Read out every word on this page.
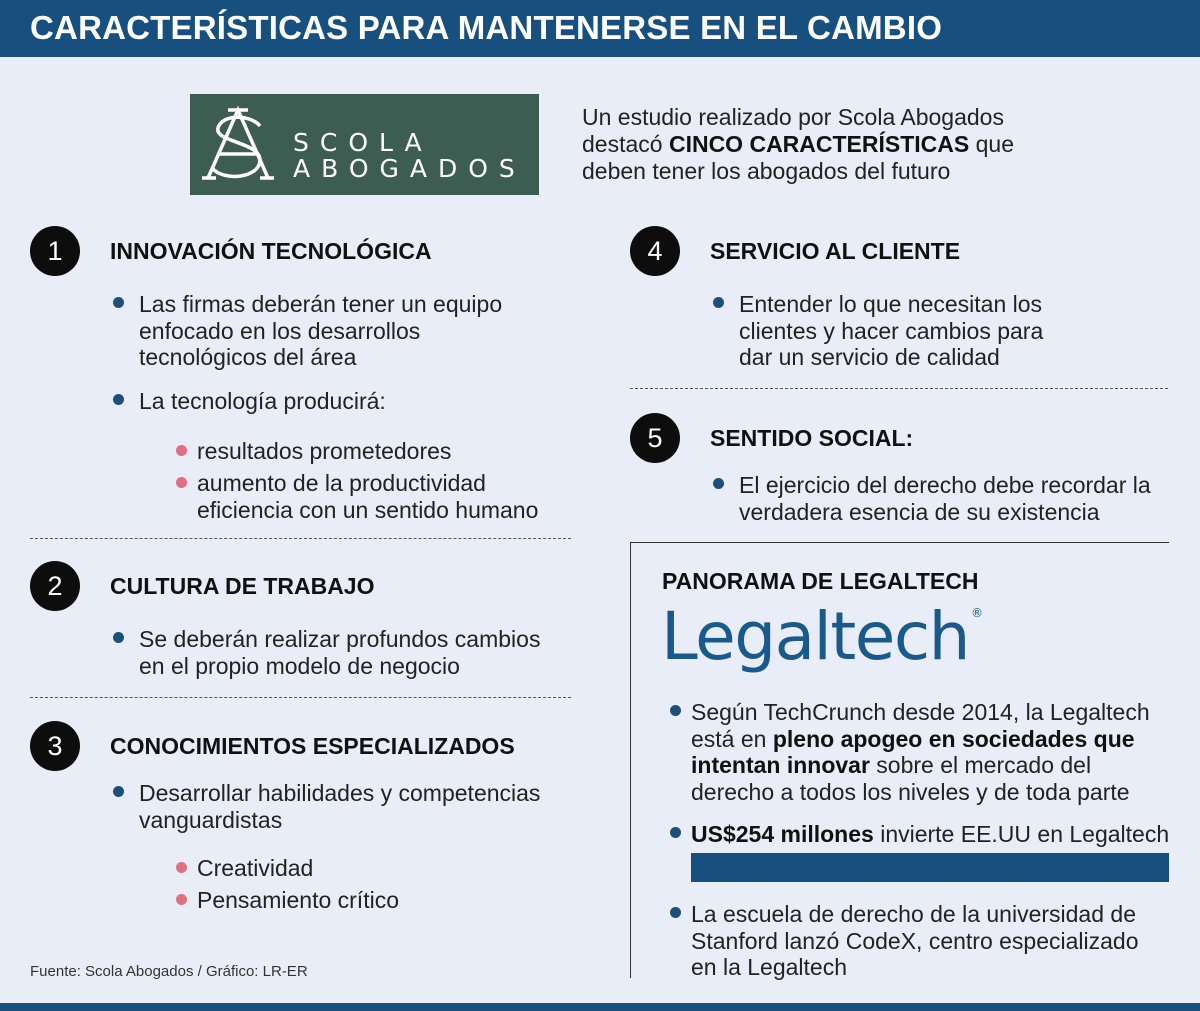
CARACTERÍSTICAS PARA MANTENERSE EN EL CAMBIO
SCOLA
ABOGADOS
Un estudio realizado por Scola Abogados destacó CINCO CARACTERÍSTICAS que deben tener los abogados del futuro
1	INNOVACIÓN TECNOLÓGICA
Las firmas deberán tener un equipo enfocado en los desarrollos tecnológicos del área
La tecnología producirá:
resultados prometedores
aumento de la productividad eficiencia con un sentido humano
2	CULTURA DE TRABAJO
Se deberán realizar profundos cambios en el propio modelo de negocio
3	CONOCIMIENTOS ESPECIALIZADOS
Desarrollar habilidades y competencias vanguardistas
Creatividad
Pensamiento crítico
4	SERVICIO AL CLIENTE
Entender lo que necesitan los clientes y hacer cambios para dar un servicio de calidad
5	SENTIDO SOCIAL:
El ejercicio del derecho debe recordar la verdadera esencia de su existencia
PANORAMA DE LEGALTECH
Legaltech ®
Según TechCrunch desde 2014, la Legaltech está en pleno apogeo en sociedades que intentan innovar sobre el mercado del derecho a todos los niveles y de toda parte
US$254 millones invierte EE.UU en Legaltech
La escuela de derecho de la universidad de Stanford lanzó CodeX, centro especializado en la Legaltech
Fuente: Scola Abogados / Gráfico: LR-ER
